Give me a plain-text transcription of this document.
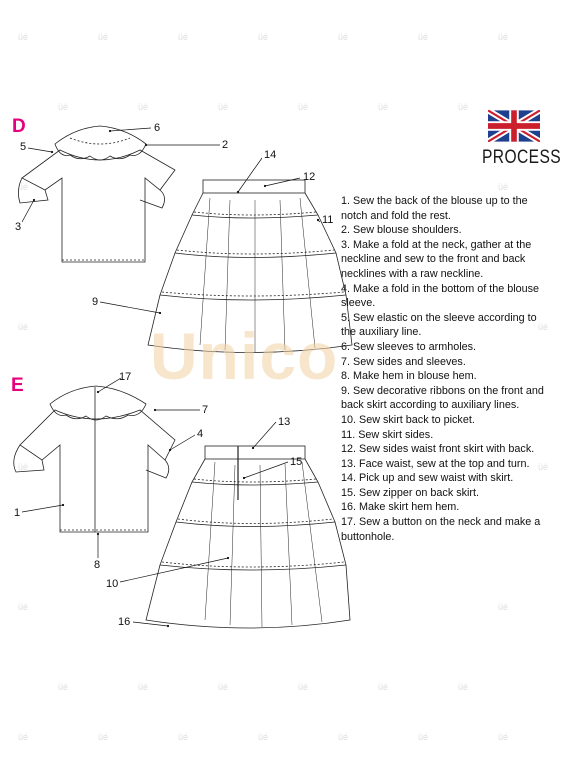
üé	üé	üé	üé	üé	üé	üé
üé	üé	üé	üé	üé	üé
üé	üé
üé	üé
üé	üé
üé	üé
üé	üé	üé	üé	üé	üé
üé	üé	üé	üé	üé	üé	üé
6
2
5
3
14
12
11
9
17
7
4
13
15
1
8
10
16
Unico
D
E
PROCESS
1. Sew the back of the blouse up to the notch and fold the rest.
2. Sew blouse shoulders.
3. Make a fold at the neck, gather at the neckline and sew to the front and back necklines with a raw neckline.
4. Make a fold in the bottom of the blouse sleeve.
5. Sew elastic on the sleeve according to the auxiliary line.
6. Sew sleeves to armholes.
7. Sew sides and sleeves.
8. Make hem in blouse hem.
9. Sew decorative ribbons on the front and back skirt according to auxiliary lines.
10. Sew skirt back to picket.
11. Sew skirt sides.
12. Sew sides waist front skirt with back.
13. Face waist, sew at the top and turn.
14. Pick up and sew waist with skirt.
15. Sew zipper on back skirt.
16. Make skirt hem hem.
17. Sew a button on the neck and make a buttonhole.
